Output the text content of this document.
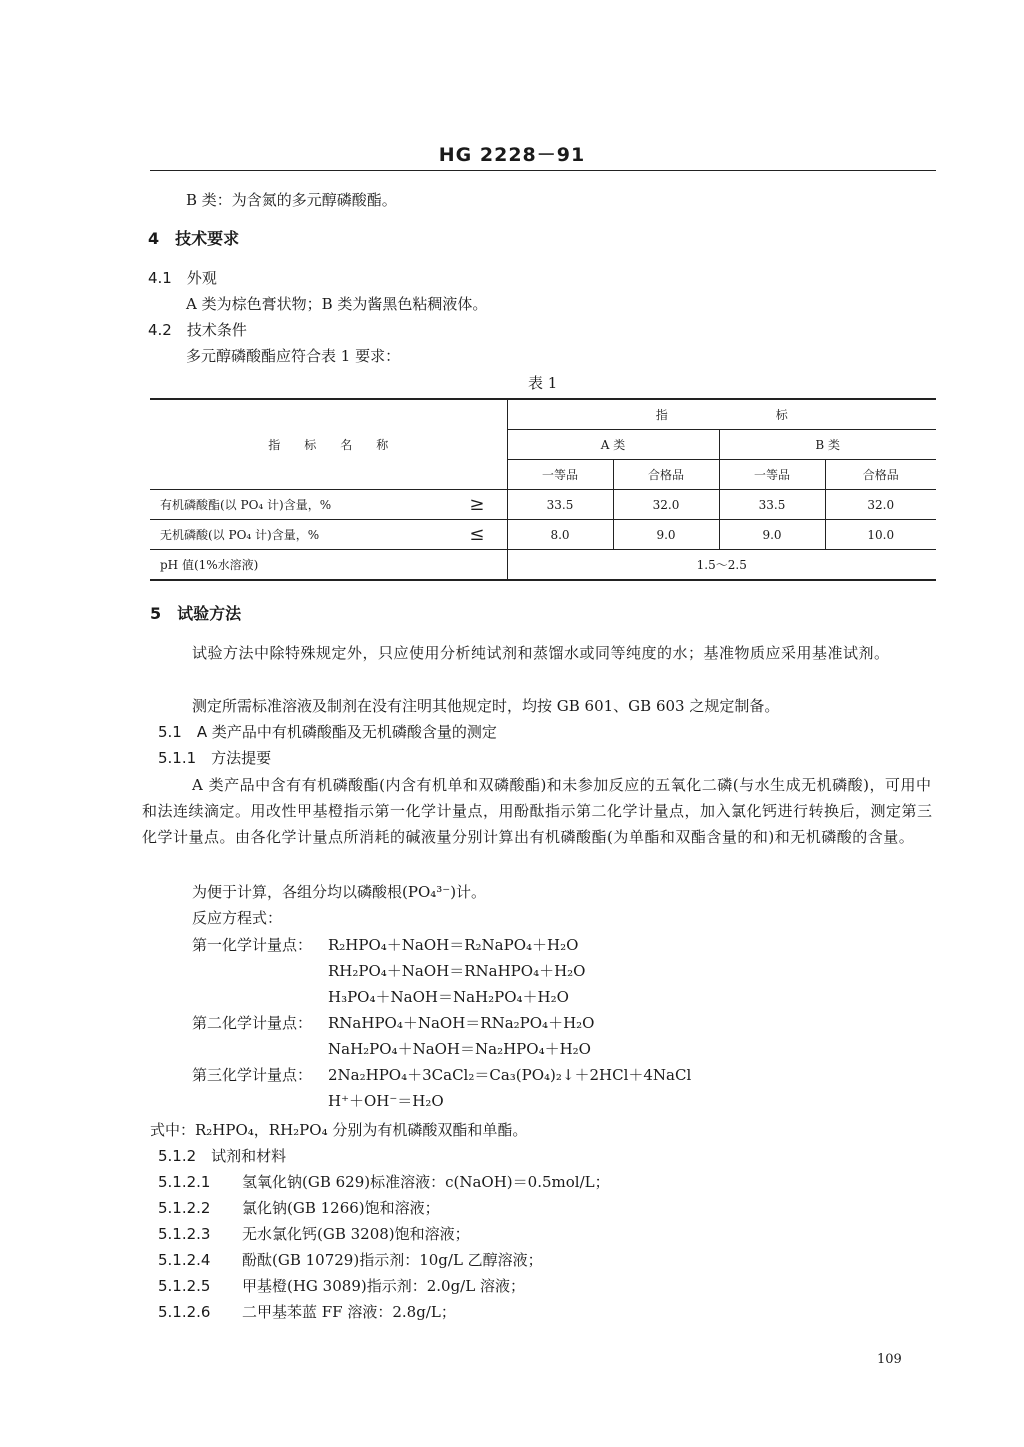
HG 2228－91
B 类：为含氮的多元醇磷酸酯。
4　技术要求
4.1　外观
A 类为棕色膏状物；B 类为酱黑色粘稠液体。
4.2　技术条件
多元醇磷酸酯应符合表 1 要求：
表 1
指　　标　　名　　称		指　　　　　　　　　标			
		A 类		B 类	
		一等品	合格品	一等品	合格品
有机磷酸酯(以 PO₄ 计)含量，%	≥	33.5	32.0	33.5	32.0
无机磷酸(以 PO₄ 计)含量，%	≤	8.0	9.0	9.0	10.0
pH 值(1%水溶液)		1.5～2.5			
5　试验方法
试验方法中除特殊规定外，只应使用分析纯试剂和蒸馏水或同等纯度的水；基准物质应采用基准试剂。
测定所需标准溶液及制剂在没有注明其他规定时，均按 GB 601、GB 603 之规定制备。
5.1　A 类产品中有机磷酸酯及无机磷酸含量的测定
5.1.1　方法提要
A 类产品中含有有机磷酸酯(内含有机单和双磷酸酯)和未参加反应的五氧化二磷(与水生成无机磷酸)，可用中和法连续滴定。用改性甲基橙指示第一化学计量点，用酚酞指示第二化学计量点，加入氯化钙进行转换后，测定第三化学计量点。由各化学计量点所消耗的碱液量分别计算出有机磷酸酯(为单酯和双酯含量的和)和无机磷酸的含量。
为便于计算，各组分均以磷酸根(PO₄³⁻)计。
反应方程式：
第一化学计量点： R₂HPO₄＋NaOH＝R₂NaPO₄＋H₂O
RH₂PO₄＋NaOH＝RNaHPO₄＋H₂O
H₃PO₄＋NaOH＝NaH₂PO₄＋H₂O
第二化学计量点： RNaHPO₄＋NaOH＝RNa₂PO₄＋H₂O
NaH₂PO₄＋NaOH＝Na₂HPO₄＋H₂O
第三化学计量点： 2Na₂HPO₄＋3CaCl₂＝Ca₃(PO₄)₂↓＋2HCl＋4NaCl
H⁺＋OH⁻＝H₂O
式中：R₂HPO₄，RH₂PO₄ 分别为有机磷酸双酯和单酯。
5.1.2　试剂和材料
5.1.2.1 氢氧化钠(GB 629)标准溶液：c(NaOH)＝0.5mol/L；
5.1.2.2 氯化钠(GB 1266)饱和溶液；
5.1.2.3 无水氯化钙(GB 3208)饱和溶液；
5.1.2.4 酚酞(GB 10729)指示剂：10g/L 乙醇溶液；
5.1.2.5 甲基橙(HG 3089)指示剂：2.0g/L 溶液；
5.1.2.6 二甲基苯蓝 FF 溶液：2.8g/L；
109
